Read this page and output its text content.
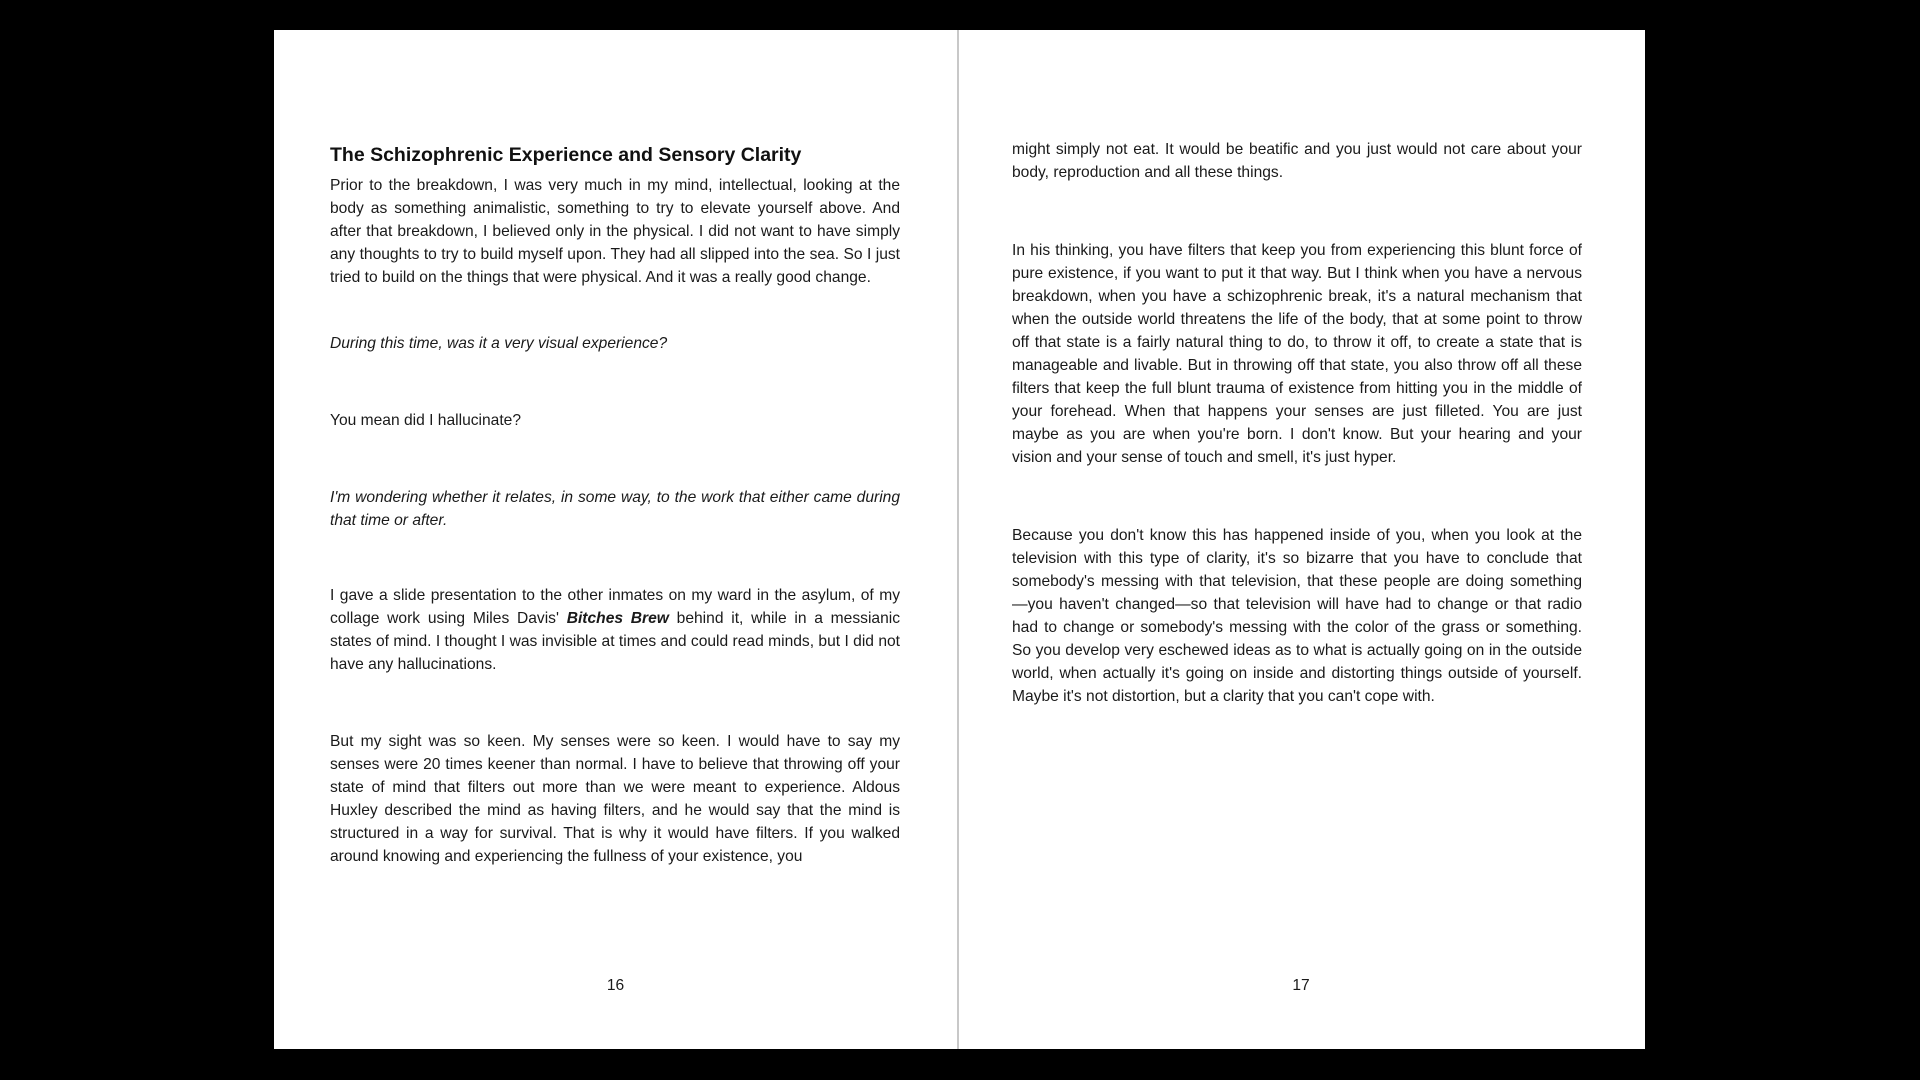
The Schizophrenic Experience and Sensory Clarity

Prior to the breakdown, I was very much in my mind, intellectual, looking at the body as something animalistic, something to try to elevate yourself above. And after that breakdown, I believed only in the physical. I did not want to have simply any thoughts to try to build myself upon. They had all slipped into the sea. So I just tried to build on the things that were physical. And it was a really good change.

During this time, was it a very visual experience?

You mean did I hallucinate?

I'm wondering whether it relates, in some way, to the work that either came during that time or after.

I gave a slide presentation to the other inmates on my ward in the asylum, of my collage work using Miles Davis' Bitches Brew behind it, while in a messianic states of mind. I thought I was invisible at times and could read minds, but I did not have any hallucinations.

But my sight was so keen. My senses were so keen. I would have to say my senses were 20 times keener than normal. I have to believe that throwing off your state of mind that filters out more than we were meant to experience. Aldous Huxley described the mind as having filters, and he would say that the mind is structured in a way for survival. That is why it would have filters. If you walked around knowing and experiencing the fullness of your existence, you

16

might simply not eat. It would be beatific and you just would not care about your body, reproduction and all these things.

In his thinking, you have filters that keep you from experiencing this blunt force of pure existence, if you want to put it that way. But I think when you have a nervous breakdown, when you have a schizophrenic break, it's a natural mechanism that when the outside world threatens the life of the body, that at some point to throw off that state is a fairly natural thing to do, to throw it off, to create a state that is manageable and livable. But in throwing off that state, you also throw off all these filters that keep the full blunt trauma of existence from hitting you in the middle of your forehead. When that happens your senses are just filleted. You are just maybe as you are when you're born. I don't know. But your hearing and your vision and your sense of touch and smell, it's just hyper.

Because you don't know this has happened inside of you, when you look at the television with this type of clarity, it's so bizarre that you have to conclude that somebody's messing with that television, that these people are doing something —you haven't changed—so that television will have had to change or that radio had to change or somebody's messing with the color of the grass or something. So you develop very eschewed ideas as to what is actually going on in the outside world, when actually it's going on inside and distorting things outside of yourself. Maybe it's not distortion, but a clarity that you can't cope with.

17
